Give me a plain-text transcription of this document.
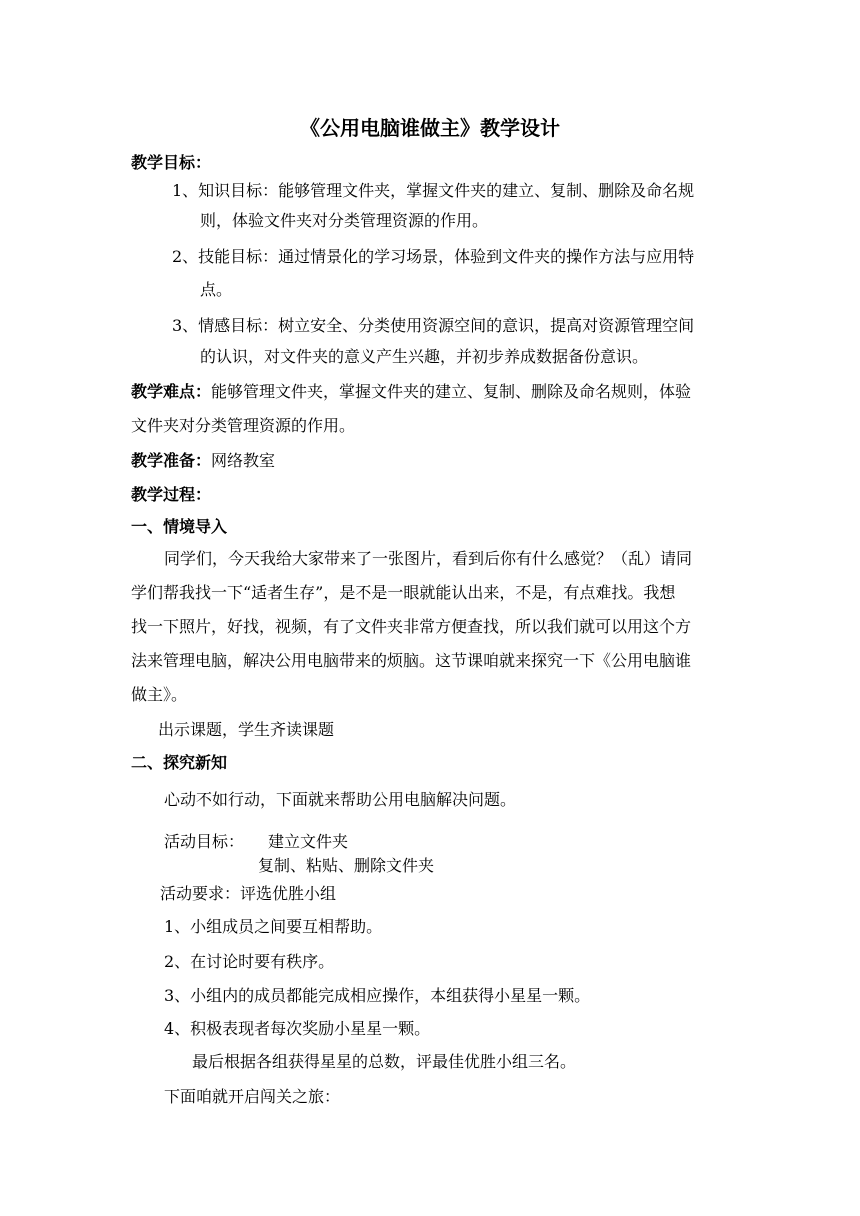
《公用电脑谁做主》教学设计
教学目标：
1、知识目标：能够管理文件夹，掌握文件夹的建立、复制、删除及命名规
则，体验文件夹对分类管理资源的作用。
2、技能目标：通过情景化的学习场景，体验到文件夹的操作方法与应用特
点。
3、情感目标：树立安全、分类使用资源空间的意识，提高对资源管理空间
的认识，对文件夹的意义产生兴趣，并初步养成数据备份意识。
教学难点：能够管理文件夹，掌握文件夹的建立、复制、删除及命名规则，体验
文件夹对分类管理资源的作用。
教学准备：网络教室
教学过程：
一、情境导入
同学们，今天我给大家带来了一张图片，看到后你有什么感觉？（乱）请同
学们帮我找一下“适者生存”，是不是一眼就能认出来，不是，有点难找。我想
找一下照片，好找，视频，有了文件夹非常方便查找，所以我们就可以用这个方
法来管理电脑，解决公用电脑带来的烦脑。这节课咱就来探究一下《公用电脑谁
做主》。
出示课题，学生齐读课题
二、探究新知
心动不如行动，下面就来帮助公用电脑解决问题。
活动目标： 建立文件夹
复制、粘贴、删除文件夹
活动要求：评选优胜小组
1、小组成员之间要互相帮助。
2、在讨论时要有秩序。
3、小组内的成员都能完成相应操作，本组获得小星星一颗。
4、积极表现者每次奖励小星星一颗。
最后根据各组获得星星的总数，评最佳优胜小组三名。
下面咱就开启闯关之旅：
